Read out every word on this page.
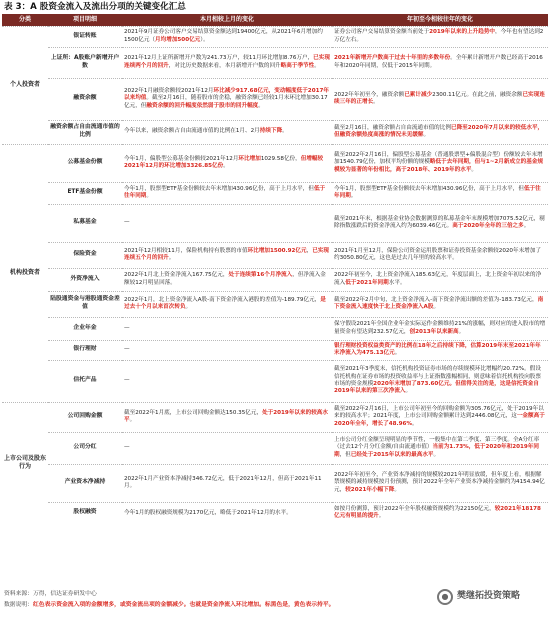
表 3：A 股资金流入及流出分项的关键变化汇总
分类	项目明细	本月相较上月的变化	年初至今相较往年的变化
个人投资者	银证转账	2021年9月证券公司客户交易结算资金额达到19400亿元，从2021年6月增加约1500亿元（月均增加500亿元）。	证券公司客户交易结算资金额当前处于2019年以来的上升趋势中，今年也有望达到2万亿左右。
	上证所：A股账户新增开户数	2021年12月上证所新增开户数为241.73万户，较11月环比增加8.76万户，已实现连续两个月的回升，对比历史数据来看，本月新增开户数的回升略高于季节性。	2021年新增开户数高于过去十年里的多数年份。全年累计新增开户数已经高于2016年和2020年同期，仅低于2015年同期。
	融资余额	2022年1月融资余额较2021年12月环比减少917.68亿元，变动幅度低于2017年以来均值。截至2月16日，随着股市的企稳，融资余额已经较1月末环比增加30.17亿元，但融资余额的回升幅度依然弱于股市的回升幅度。	2022年年初至今，融资余额已累计减少2300.11亿元。在此之前，融资余额已实现连续三年的正增长。
	融资余额占自由流通市值的比例	今年以来，融资余额占自由流通市值的比例在1月、2月持续下降。	截至2月16日，融资余额占自由流通市值的比例已降至2020年7月以来的较低水平，但融资余额热度高涨的情况未见缓解。
机构投资者	公募基金份额	今年1月，偏股型公募基金份额较2021年12月环比增加1029.58亿份，但增幅较2021年12月的环比增加3326.85亿份。	截至2022年2月16日，偏股型公募基金（普通股票型+偏股混合型）份额较去年末增加1540.79亿份，加权平均份额的规模略低于去年同期，但与1~2月新成立的基金规模较为显著的年份相比，高于2018年、2019年的水平。
	ETF基金份额	今年1月，股票型ETF基金份额较去年末增加430.96亿份，高于上月水平，但低于往年同期。	今年1月，股票型ETF基金份额较去年末增加430.96亿份，高于上月水平，但低于往年同期。
	私募基金	—	截至2021年末，根据基金业协会数据测算的私募基金年末规模增加7075.52亿元，剔除指数涨跌后的资金净流入约为6039.46亿元。高于2020年全年的三倍之多。
	保险资金	2021年12月相较11月，保险机构持有股票的市值环比增加1500.92亿元，已实现连续五个月的回升。	2021年1月至12月，保险公司资金运用股票和证券投资基金余额较2020年末增加了约3050.80亿元，这也是过去几年里的较高水平。
	外资净流入	2022年1月北上资金净流入167.75亿元，处于连续第16个月净流入，但净流入金额较12月明显回落。	2022年初至今，北上资金净流入185.63亿元，年度层面上，北上资金年初以来的净流入低于2021年同期水平。
	陆股通资金与港股通资金差值	2022年1月，北上资金净流入A股-南下资金净流入港股的差值为-189.79亿元，是过去十个月以来首次转负。	截至2022年2月中旬，北上资金净流入-南下资金净流出额的差值为-183.73亿元，南下资金流入速度快于北上资金净流入A股。
	企业年金	—	保守假设2021年全国企业年金实际运作金额维持21%的涨幅，则对应的进入股市的增量资金有望达到232.57亿元，创2013年以来新高。
	银行理财	—	银行理财投资权益类资产的比例在18年之后持续下降，估算2019年末至2021年年末净流入为475.13亿元。
	信托产品	—	截至2021年3季度末，信托机构投资证券市场的存续规模环比增幅约20.72%。假设信托机构在证券市场的投资收益率与上证指数涨幅相同，则意味着信托机构投向股票市场的资金规模2020年末增加了873.60亿元。但值得关注的是，这是信托资金自2019年以来的第三次净流入。
上市公司及股东行为	公司回购金额	截至2022年1月底，上市公司回购金额达150.35亿元，处于2019年以来的较高水平。	截至2022年2月16日，上市公司年初至今的回购金额为305.76亿元，处于2019年以来的较高水平；2021年度，上市公司回购金额累计达到2446.08亿元，这一金额高于2020年全年，增长了48.96%。
	公司分红	—	上市公司分红金额呈现明显的季节性，一般集中在第二季度、第三季度。全A分红率（过去12个月分红金额/自由流通市值）当前为1.73%，低于2020年和2019年同期，但已经处于2015年以来的最高水平。
	产业资本净减持	2022年1月产业资本净减持346.72亿元，低于2021年12月，但高于2021年11月。	2022年年初至今，产业资本净减持的规模较2021年明显放缓，但年度上看，根据解禁规模的减持规模按月份预测，预计2022年全年产业资本净减持金额约为4154.94亿元，较2021年小幅下降。
	股权融资	今年1月的股权融资规模为2170亿元，略低于2021年12月的水平。	如按月份测算，预计2022年全年股权融资规模约为22150亿元，较2021年18178亿元有明显的提升。
资料来源：万得，信达证券研发中心
数据说明：红色表示资金流入项的金额增多，或资金流出项的金额减少。也就是资金净流入环比增加。标黑色是，黄色表示持平。
● 樊继拓投资策略
